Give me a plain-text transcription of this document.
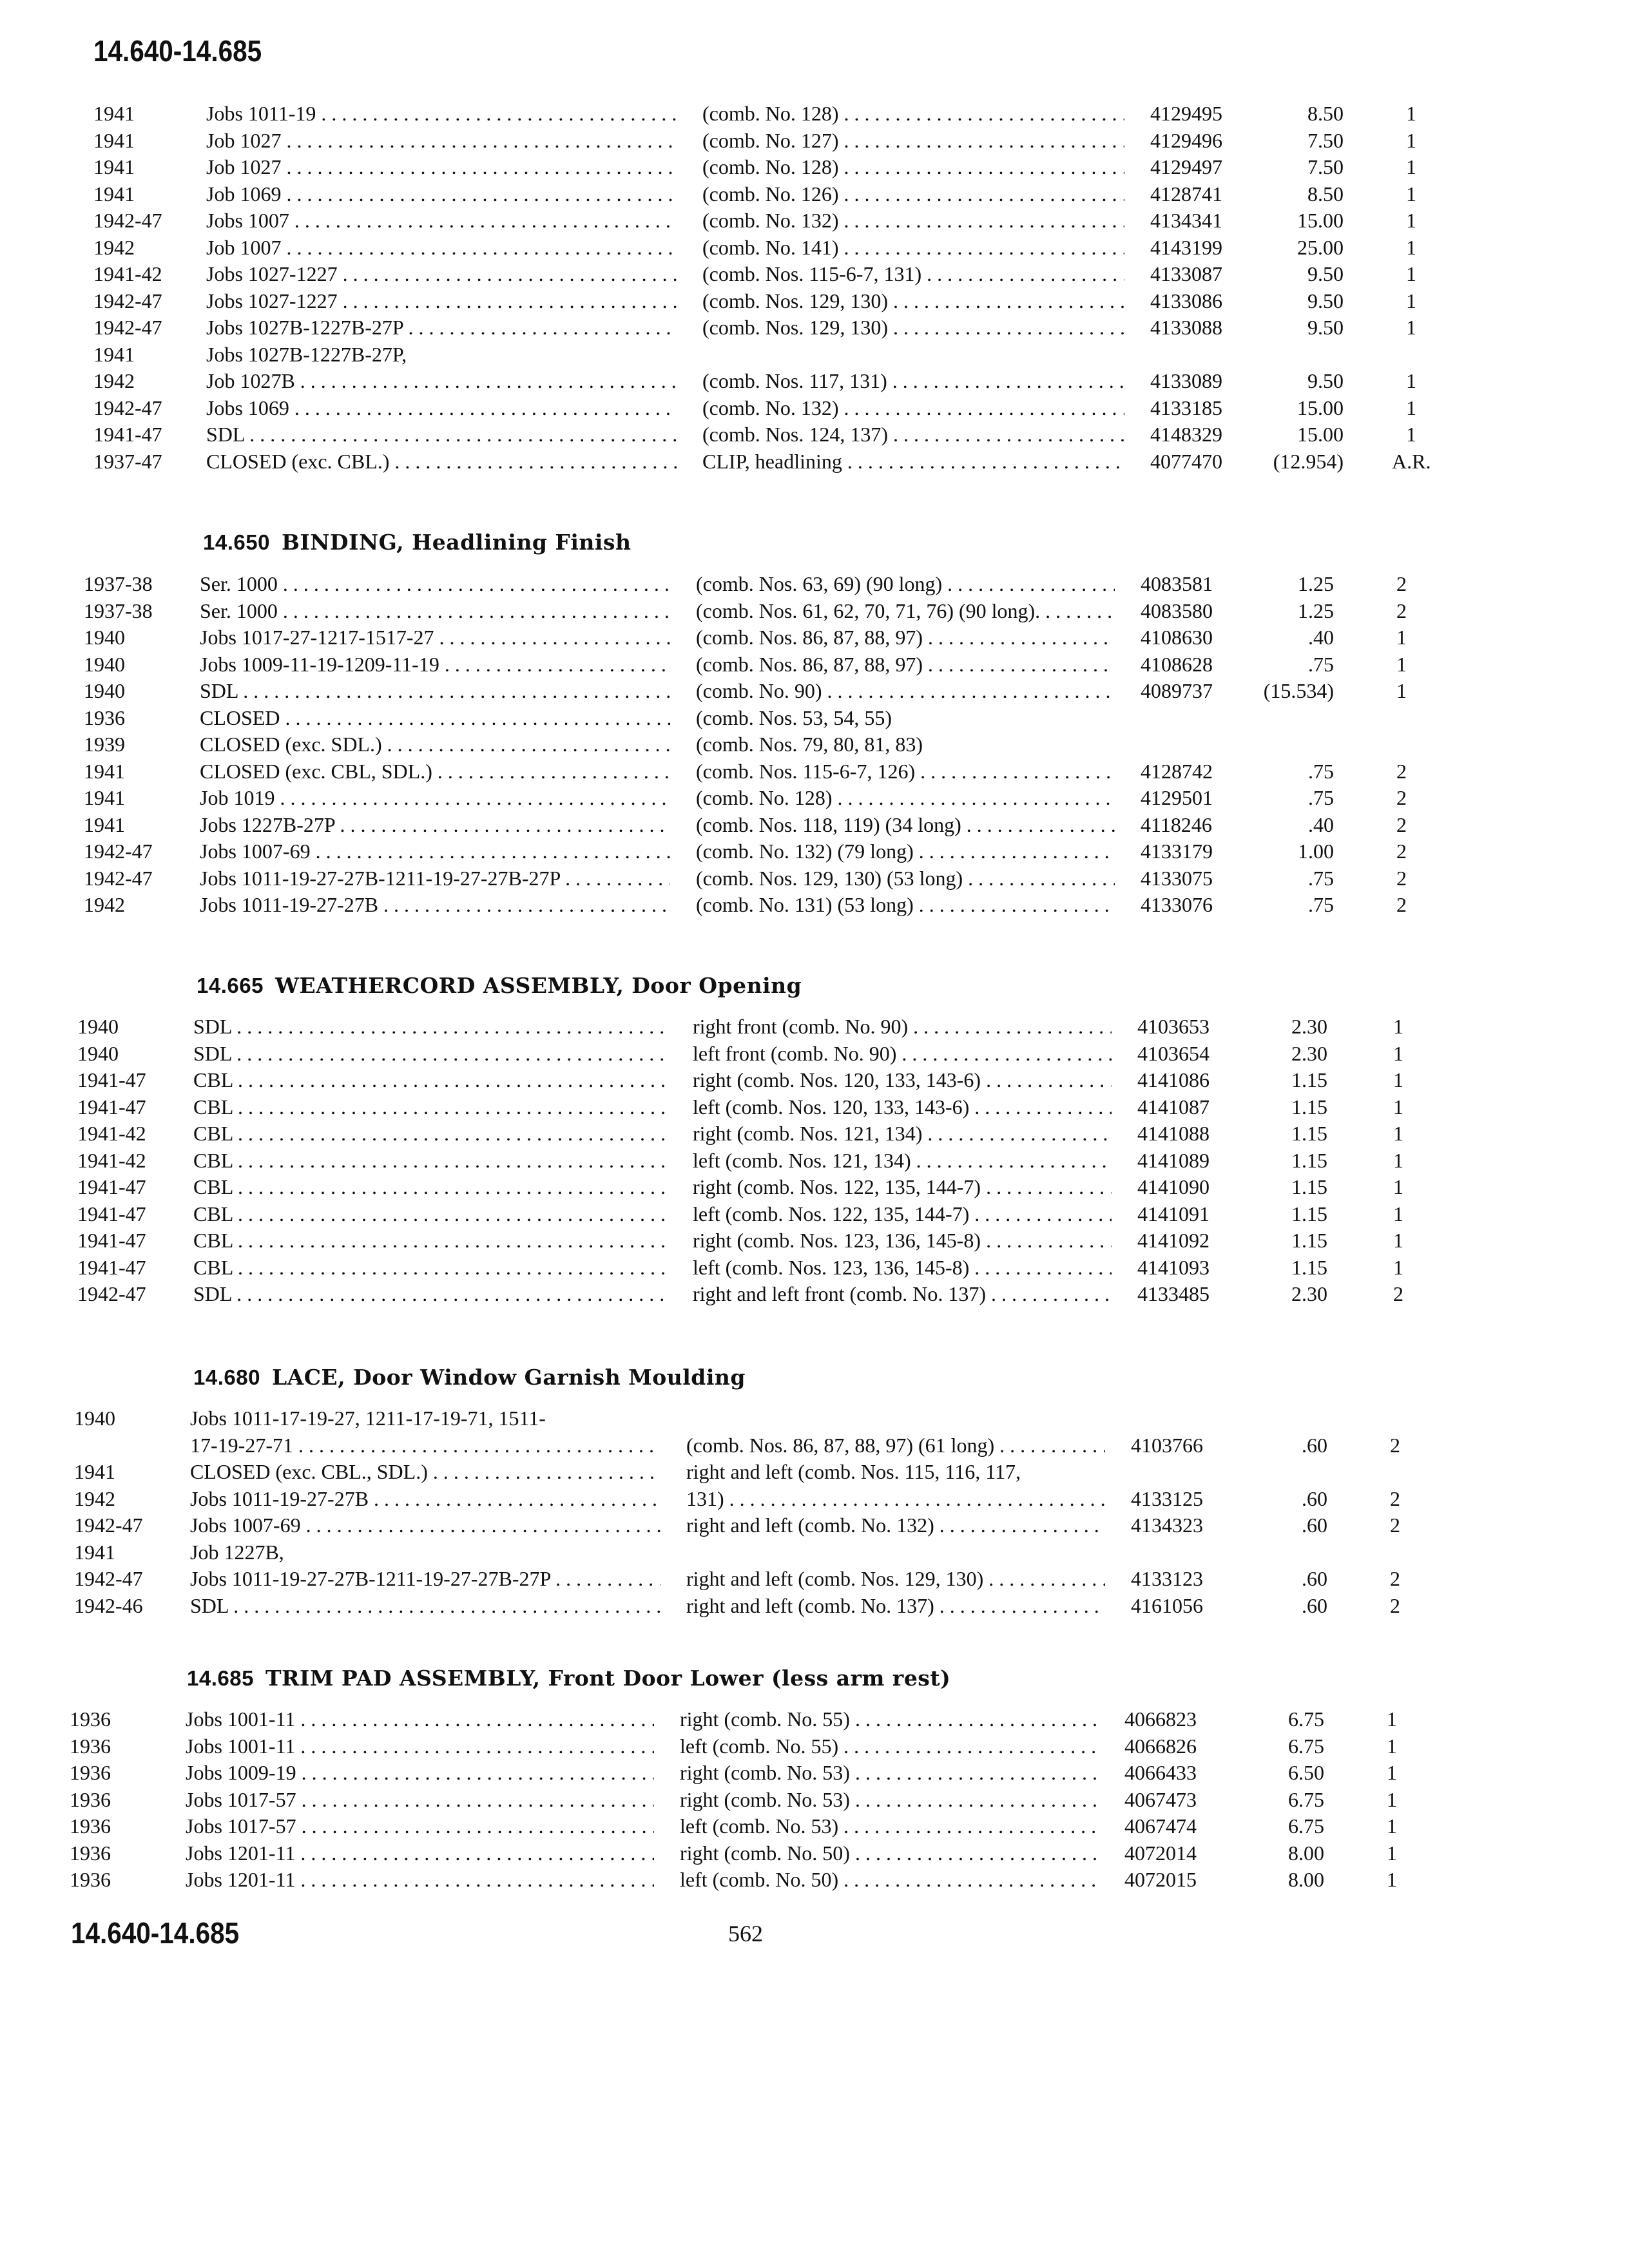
14.640-14.685
1941	Jobs 1011-19 . . .	(comb. No. 128) . . .	4129495	8.50	1
1941	Job 1027 . . .	(comb. No. 127) . . .	4129496	7.50	1
1941	Job 1027 . . .	(comb. No. 128) . . .	4129497	7.50	1
1941	Job 1069 . . .	(comb. No. 126) . . .	4128741	8.50	1
1942-47	Jobs 1007 . . .	(comb. No. 132) . . .	4134341	15.00	1
1942	Job 1007 . . .	(comb. No. 141) . . .	4143199	25.00	1
1941-42	Jobs 1027-1227 . . .	(comb. Nos. 115-6-7, 131) . . .	4133087	9.50	1
1942-47	Jobs 1027-1227 . . .	(comb. Nos. 129, 130) . . .	4133086	9.50	1
1942-47	Jobs 1027B-1227B-27P . . .	(comb. Nos. 129, 130) . . .	4133088	9.50	1
1941	Jobs 1027B-1227B-27P,
1942	Job 1027B . . .	(comb. Nos. 117, 131) . . .	4133089	9.50	1
1942-47	Jobs 1069 . . .	(comb. No. 132) . . .	4133185	15.00	1
1941-47	SDL . . .	(comb. Nos. 124, 137) . . .	4148329	15.00	1
1937-47	CLOSED (exc. CBL.) . . .	CLIP, headlining . . .	4077470	(12.954) A.R.
14.650 BINDING, Headlining Finish
1937-38	Ser. 1000 . . .	(comb. Nos. 63, 69) (90 long) . . .	4083581	1.25	2
1937-38	Ser. 1000 . . .	(comb. Nos. 61, 62, 70, 71, 76) (90 long). . . .	4083580	1.25	2
1940	Jobs 1017-27-1217-1517-27 . . .	(comb. Nos. 86, 87, 88, 97) . . .	4108630	.40	1
1940	Jobs 1009-11-19-1209-11-19 . . .	(comb. Nos. 86, 87, 88, 97) . . .	4108628	.75	1
1940	SDL . . .	(comb. No. 90) . . .	4089737	(15.534)	1
1936	CLOSED . . .	(comb. Nos. 53, 54, 55)
1939	CLOSED (exc. SDL.) . . .	(comb. Nos. 79, 80, 81, 83)
1941	CLOSED (exc. CBL, SDL.) . . .	(comb. Nos. 115-6-7, 126) . . .	4128742	.75	2
1941	Job 1019 . . .	(comb. No. 128) . . .	4129501	.75	2
1941	Jobs 1227B-27P . . .	(comb. Nos. 118, 119) (34 long) . . .	4118246	.40	2
1942-47	Jobs 1007-69 . . .	(comb. No. 132) (79 long) . . .	4133179	1.00	2
1942-47	Jobs 1011-19-27-27B-1211-19-27-27B-27P . . .	(comb. Nos. 129, 130) (53 long) . . .	4133075	.75	2
1942	Jobs 1011-19-27-27B . . .	(comb. No. 131) (53 long) . . .	4133076	.75	2
14.665 WEATHERCORD ASSEMBLY, Door Opening
1940	SDL . . .	right front (comb. No. 90) . . .	4103653	2.30	1
1940	SDL . . .	left front (comb. No. 90) . . .	4103654	2.30	1
1941-47	CBL . . .	right (comb. Nos. 120, 133, 143-6) . . .	4141086	1.15	1
1941-47	CBL . . .	left (comb. Nos. 120, 133, 143-6) . . .	4141087	1.15	1
1941-42	CBL . . .	right (comb. Nos. 121, 134) . . .	4141088	1.15	1
1941-42	CBL . . .	left (comb. Nos. 121, 134) . . .	4141089	1.15	1
1941-47	CBL . . .	right (comb. Nos. 122, 135, 144-7) . . .	4141090	1.15	1
1941-47	CBL . . .	left (comb. Nos. 122, 135, 144-7) . . .	4141091	1.15	1
1941-47	CBL . . .	right (comb. Nos. 123, 136, 145-8) . . .	4141092	1.15	1
1941-47	CBL . . .	left (comb. Nos. 123, 136, 145-8) . . .	4141093	1.15	1
1942-47	SDL . . .	right and left front (comb. No. 137) . . .	4133485	2.30	2
14.680 LACE, Door Window Garnish Moulding
1940	Jobs 1011-17-19-27, 1211-17-19-71, 1511-
17-19-27-71 . . .	(comb. Nos. 86, 87, 88, 97) (61 long) . . .	4103766	.60	2
1941	CLOSED (exc. CBL., SDL.) . . .	right and left (comb. Nos. 115, 116, 117,
1942	Jobs 1011-19-27-27B . . .	131) . . .	4133125	.60	2
1942-47	Jobs 1007-69 . . .	right and left (comb. No. 132) . . .	4134323	.60	2
1941	Job 1227B,
1942-47	Jobs 1011-19-27-27B-1211-19-27-27B-27P . . .	right and left (comb. Nos. 129, 130) . . .	4133123	.60	2
1942-46	SDL . . .	right and left (comb. No. 137) . . .	4161056	.60	2
14.685 TRIM PAD ASSEMBLY, Front Door Lower (less arm rest)
1936	Jobs 1001-11 . . .	right (comb. No. 55) . . .	4066823	6.75	1
1936	Jobs 1001-11 . . .	left (comb. No. 55) . . .	4066826	6.75	1
1936	Jobs 1009-19 . . .	right (comb. No. 53) . . .	4066433	6.50	1
1936	Jobs 1017-57 . . .	right (comb. No. 53) . . .	4067473	6.75	1
1936	Jobs 1017-57 . . .	left (comb. No. 53) . . .	4067474	6.75	1
1936	Jobs 1201-11 . . .	right (comb. No. 50) . . .	4072014	8.00	1
1936	Jobs 1201-11 . . .	left (comb. No. 50) . . .	4072015	8.00	1
14.640-14.685	562
